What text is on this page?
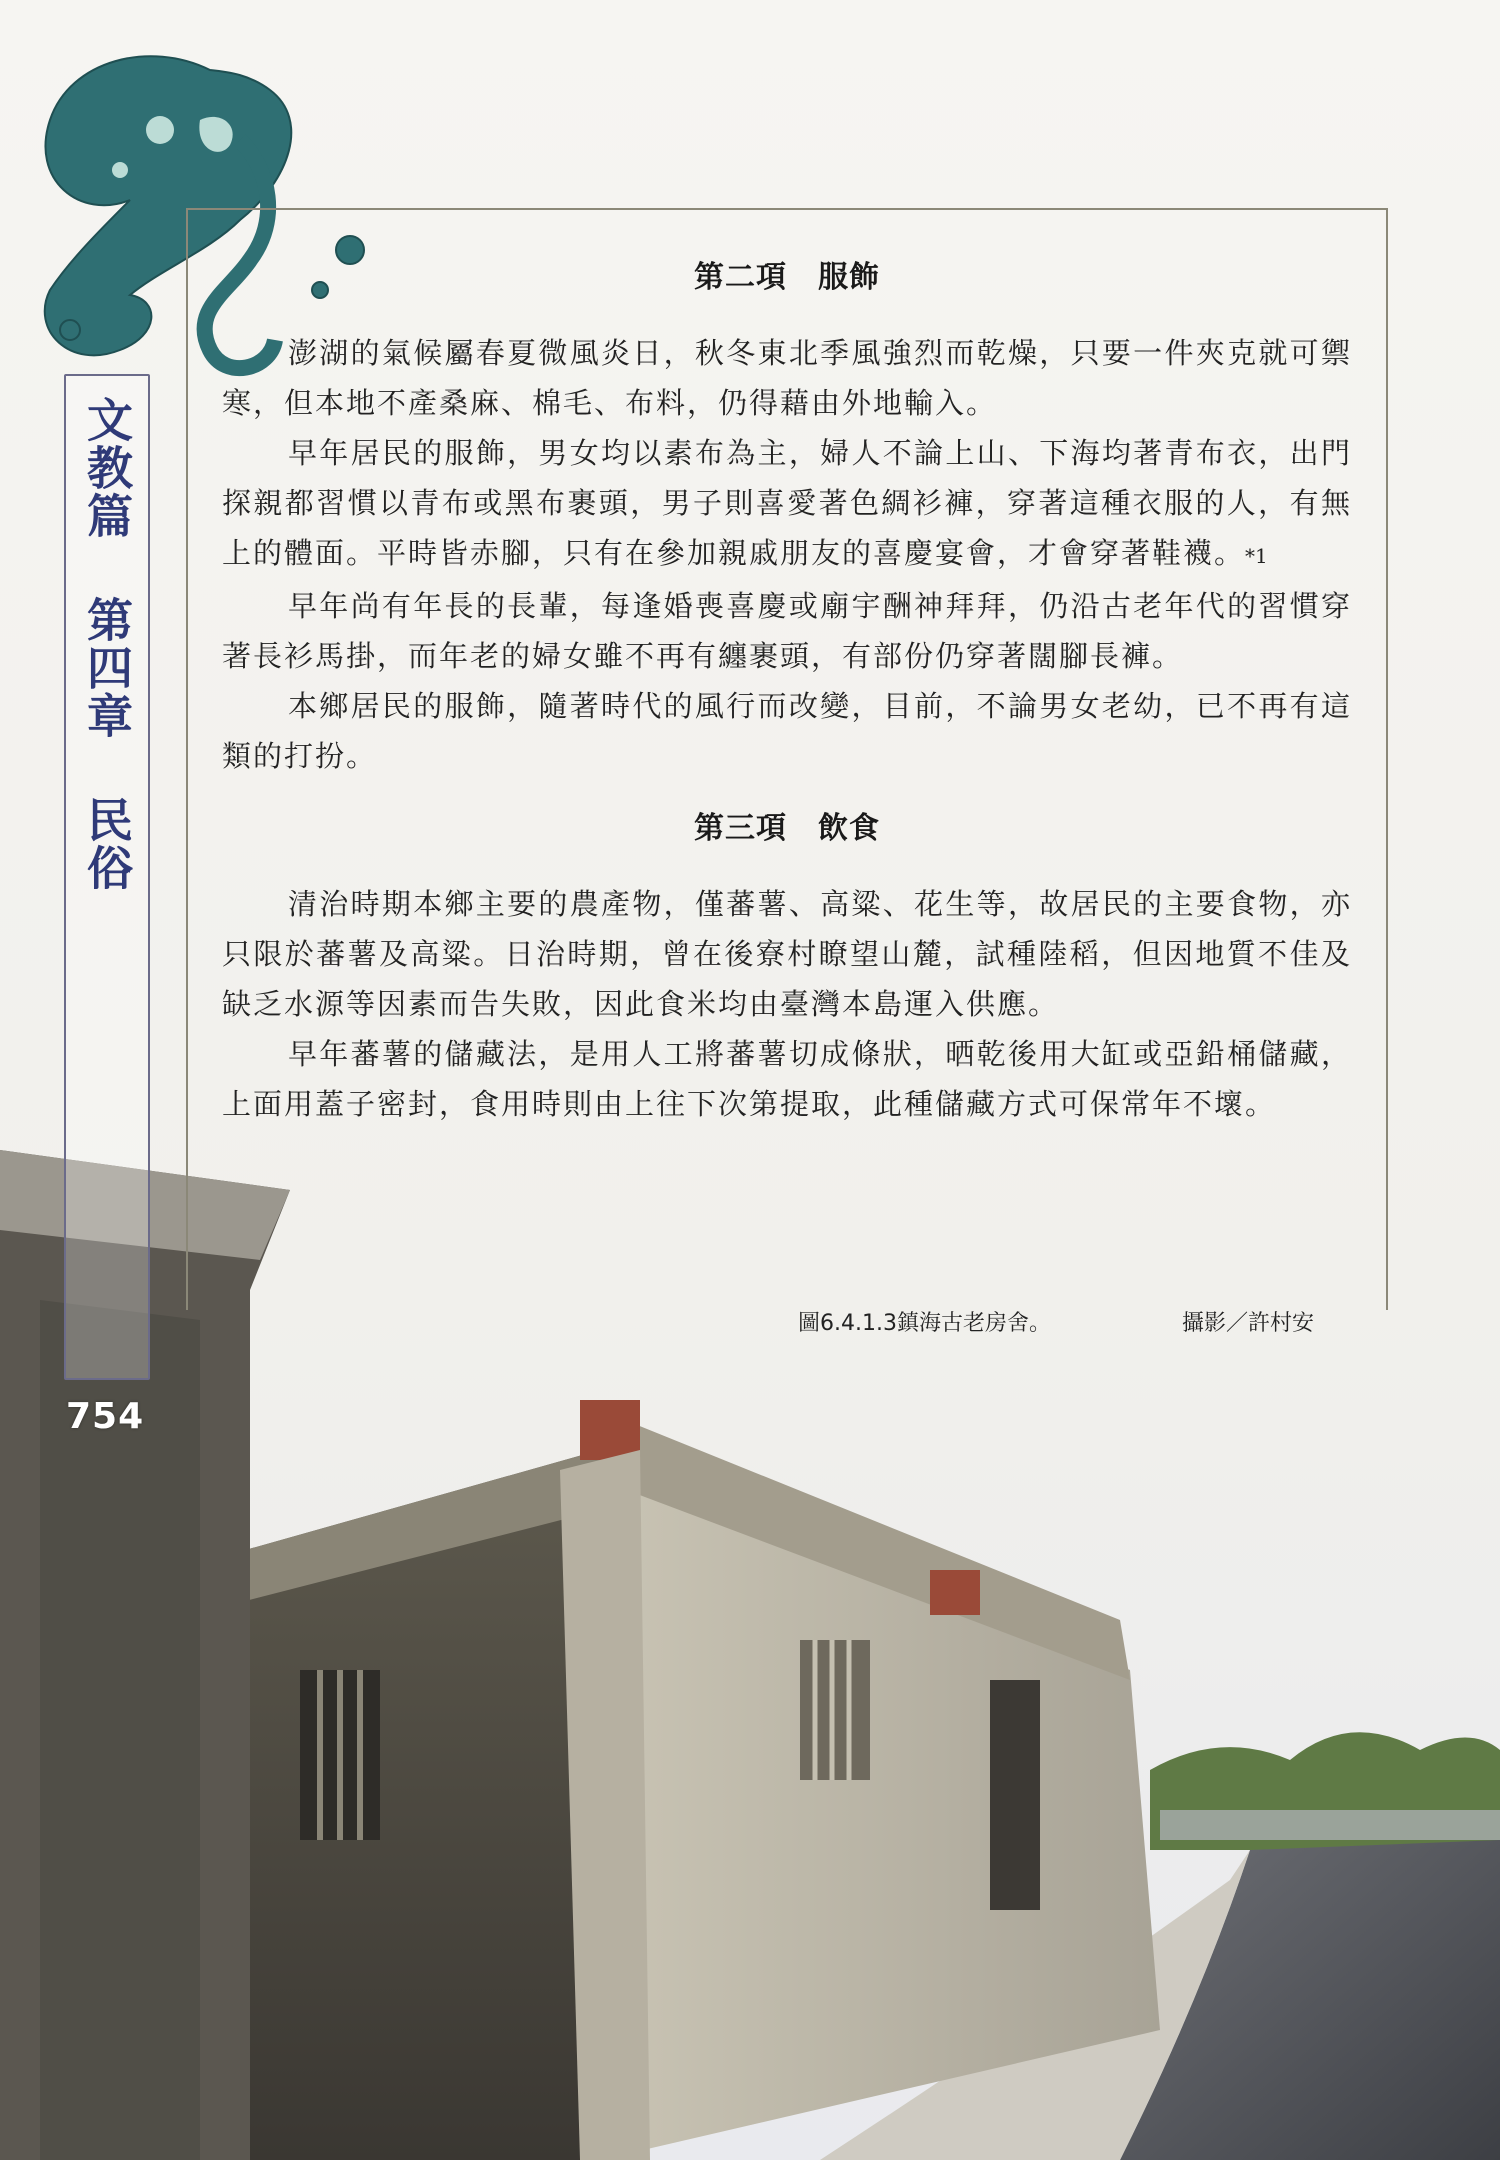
文教篇 第四章 民俗
754
第二項　服飾

澎湖的氣候屬春夏微風炎日，秋冬東北季風強烈而乾燥，只要一件夾克就可禦寒，但本地不產桑麻、棉毛、布料，仍得藉由外地輸入。

早年居民的服飾，男女均以素布為主，婦人不論上山、下海均著青布衣，出門探親都習慣以青布或黑布裹頭，男子則喜愛著色綢衫褲，穿著這種衣服的人，有無上的體面。平時皆赤腳，只有在參加親戚朋友的喜慶宴會，才會穿著鞋襪。*1

早年尚有年長的長輩，每逢婚喪喜慶或廟宇酬神拜拜，仍沿古老年代的習慣穿著長衫馬掛，而年老的婦女雖不再有纏裹頭，有部份仍穿著闊腳長褲。

本鄉居民的服飾，隨著時代的風行而改變，目前，不論男女老幼，已不再有這類的打扮。

第三項　飲食

清治時期本鄉主要的農產物，僅蕃薯、高粱、花生等，故居民的主要食物，亦只限於蕃薯及高粱。日治時期，曾在後寮村瞭望山麓，試種陸稻，但因地質不佳及缺乏水源等因素而告失敗，因此食米均由臺灣本島運入供應。

早年蕃薯的儲藏法，是用人工將蕃薯切成條狀，晒乾後用大缸或亞鉛桶儲藏，上面用蓋子密封，食用時則由上往下次第提取，此種儲藏方式可保常年不壞。

圖6.4.1.3鎮海古老房舍。	攝影／許村安
